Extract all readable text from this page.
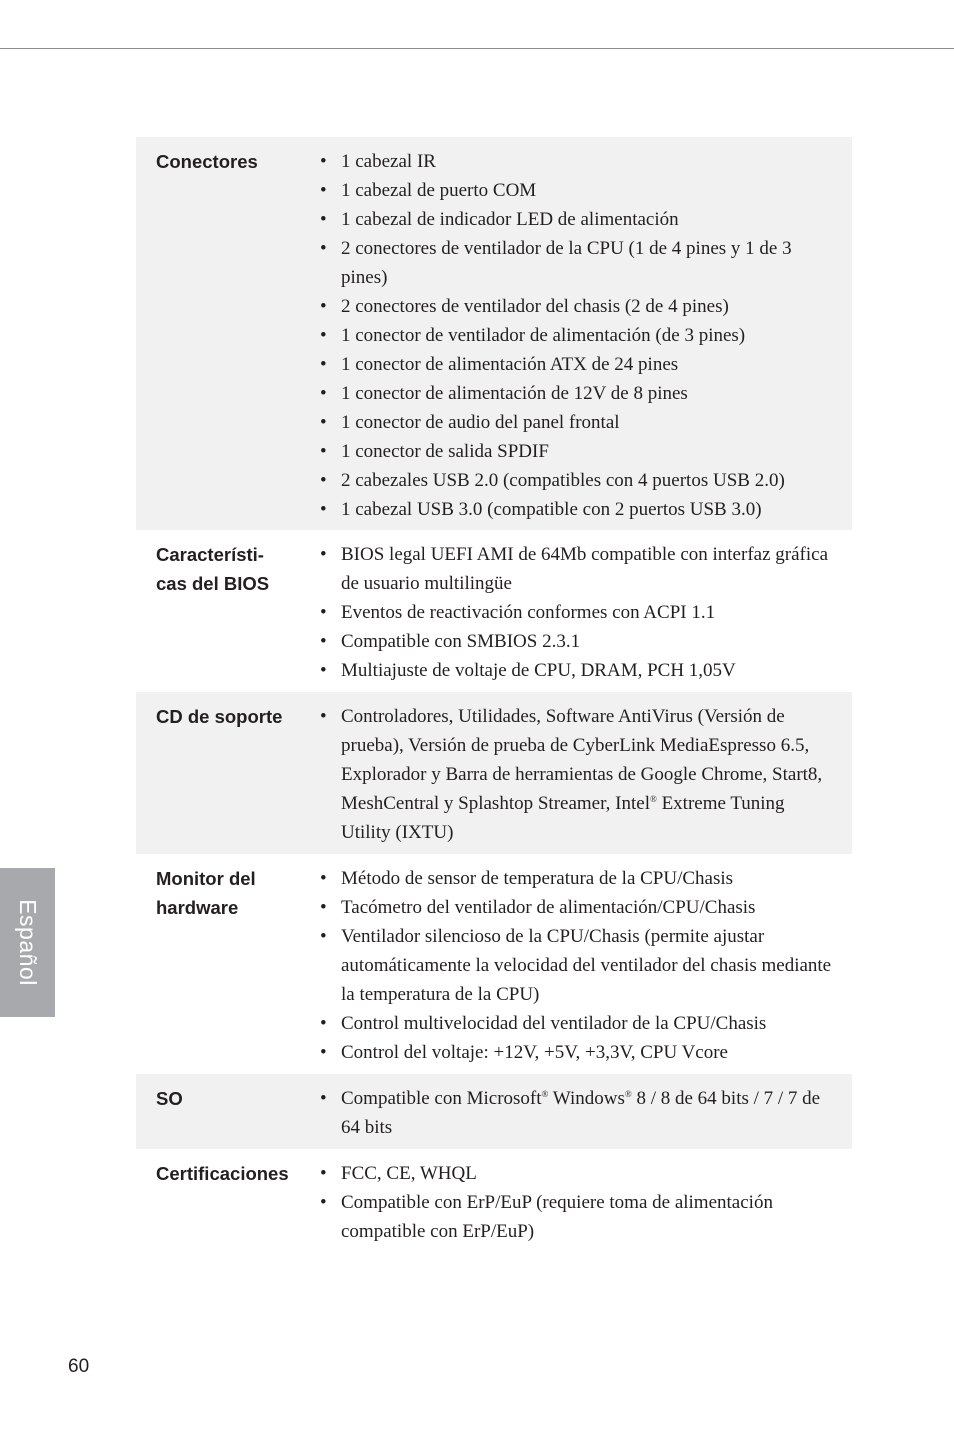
Conectores	• 1 cabezal IR
• 1 cabezal de puerto COM
• 1 cabezal de indicador LED de alimentación
• 2 conectores de ventilador de la CPU (1 de 4 pines y 1 de 3 pines)
• 2 conectores de ventilador del chasis (2 de 4 pines)
• 1 conector de ventilador de alimentación (de 3 pines)
• 1 conector de alimentación ATX de 24 pines
• 1 conector de alimentación de 12V de 8 pines
• 1 conector de audio del panel frontal
• 1 conector de salida SPDIF
• 2 cabezales USB 2.0 (compatibles con 4 puertos USB 2.0)
• 1 cabezal USB 3.0 (compatible con 2 puertos USB 3.0)
Característi-
cas del BIOS
• BIOS legal UEFI AMI de 64Mb compatible con interfaz gráfica de usuario multilingüe
• Eventos de reactivación conformes con ACPI 1.1
• Compatible con SMBIOS 2.3.1
• Multiajuste de voltaje de CPU, DRAM, PCH 1,05V
CD de soporte	• Controladores, Utilidades, Software AntiVirus (Versión de prueba), Versión de prueba de CyberLink MediaEspresso 6.5, Explorador y Barra de herramientas de Google Chrome, Start8, MeshCentral y Splashtop Streamer, Intel® Extreme Tuning Utility (IXTU)
Monitor del
hardware
• Método de sensor de temperatura de la CPU/Chasis
• Tacómetro del ventilador de alimentación/CPU/Chasis
• Ventilador silencioso de la CPU/Chasis (permite ajustar automáticamente la velocidad del ventilador del chasis mediante la temperatura de la CPU)
• Control multivelocidad del ventilador de la CPU/Chasis
• Control del voltaje: +12V, +5V, +3,3V, CPU Vcore
SO	• Compatible con Microsoft® Windows® 8 / 8 de 64 bits / 7 / 7 de 64 bits
Certificaciones	• FCC, CE, WHQL
• Compatible con ErP/EuP (requiere toma de alimentación compatible con ErP/EuP)
Español
60
